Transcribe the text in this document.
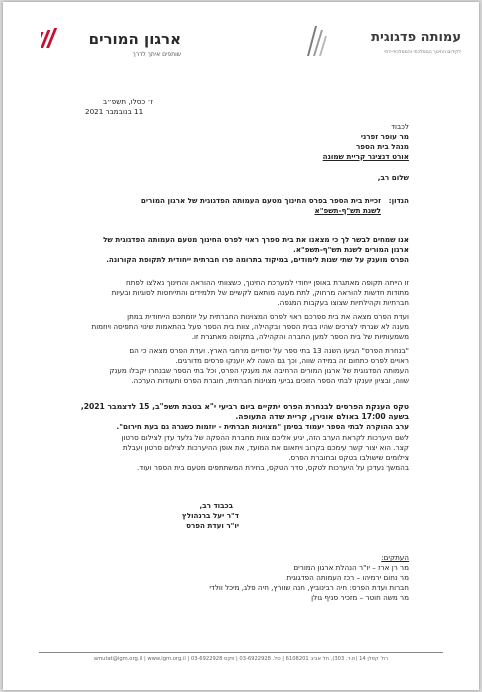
ארגון המורים
שותפים איתך לדרך
עמותה פדגוגית
לקידום החינוך הממלכתי והממלכתי-דתי
ז׳ כסלו, תשפ״ב
11 בנובמבר 2021
לכבוד
מר עופר זפרני
מנהל בית הספר
אורט דנציגר קריית שמונה
שלום רב,
הנדון:
זכיית בית הספר בפרס החינוך מטעם העמותה הפדגוגית של ארגון המורים
לשנת תש"ף-תשפ"א
אנו שמחים לבשר לך כי מצאנו את בית ספרך ראוי לפרס החינוך מטעם העמותה הפדגוגית של
ארגון המורים לשנת תש"ף-תשפ"א.
הפרס מוענק על שתי שנות לימודים, במיקוד בתרומה פרו חברתית ייחודית לתקופת הקורונה.
זו הייתה תקופה מאתגרת באופן ייחודי למערכת החינוך, כשצוותי ההוראה והחינוך נאלצו לפתח
מתודות חדשות להוראה מרחוק, לתת מענה מותאם לקשיים של תלמידים והתייחסות לסוגיות ובעיות
חברתיות וקהילתיות שצוצו בעקבות המגפה.
ועדת הפרס מצאה את בית ספרכם ראוי לפרס המצוינות החברתית על יוזמתכם הייחודית במתן
מענה לא שגרתי לצרכים שהיו בבית הספר ובקהילה, צוות בית הספר פעל בהתאמות שינוי התפיסה ויוזמות
משמעותיות של בית הספר למען החברה והקהילה, בתקופה מאתגרת זו.
"בנחרת הפרס" הגיעו השנה 13 בתי ספר על יסודיים מרחבי הארץ. ועדת הפרס מצאה כי הם
ראויים לפרס כתחום זה במידה שווה, וכך גם השנה לא יוענקו פרסים מדורגים.
העמותה הפדגוגית של ארגון המורים הרחיבה את מענקי הפרס, וכל בתי הספר שבנחרו יקבלו מענק
שווה, ובציון יוענקו לבתי הספר הזוכים גביעי מצוינות חברתית, חוברת הפרס ותעודות הערכה.
טקס הענקת הפרסים לבנחרת הפרס יתקיים ביום רביעי י"א בטבת תשפ"ב, 15 לדצמבר 2021,
בשעה 17:00 באולם אונירן, קריית שדה התעופה.
ערב ההוקרה לבתי הספר יעמוד בסימן "מצוינות חברתית - יוזמות כשגרה גם בעת חירום".
לשם היערכות לקראת הערב הזה, יגיע אליכם צוות מחברת ההפקה של גלעד עדן לצילום סרטון
קצר. הוא יצור קשר עימכם בקרוב ויתאום את המועד, את אופן ההיערכות לצילום סרטון ועבלת
צילומים שישולבו בטקס ובחוברת הפרס.
בהמשך נעדכן על היערכות לטקס, סדר הטקס, בחירת המשתתפים מטעם בית הספר ועוד.
בכבוד רב,
ד"ר יעל ברנהולץ
יו"ר ועדת הפרס
העתקים:
מר רן ארז – יו"ר הנהלת ארגון המורים
מר נחום ירמיהו – רכז העמותה הפדגוגית
חברות ועדת הפרס: חיה רבינוביץ, חנה שוורץ, חיה פלג, מיכל וולדי
מר משה חוטר – מזכיר סניף גולן
רח' קפלן 14 (ת.ד. 303), תל אביב 6108201 | טל. 03-6922928 | פקס 03-6922928 | amutat@igm.org.il | www.igm.org.il
